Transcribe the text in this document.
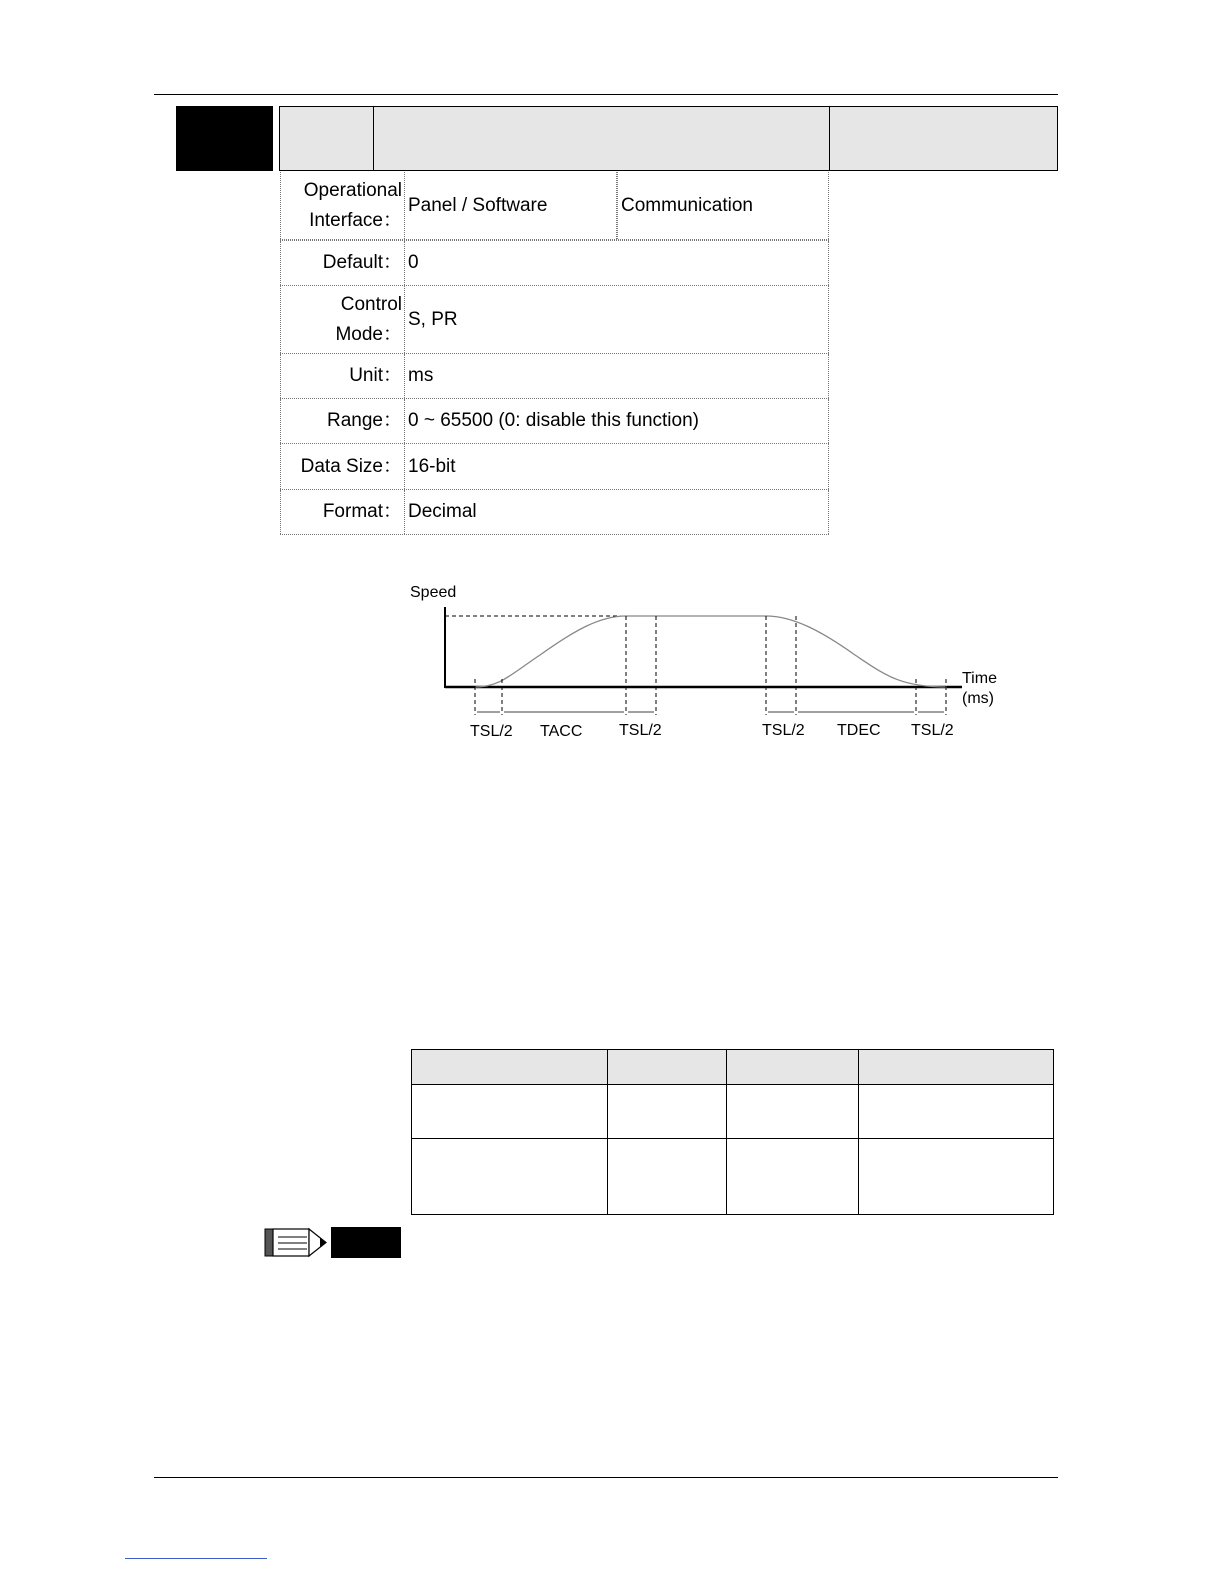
Operational
Interface：
Panel / Software	Communication
Default： 0
Control
Mode：
S, PR
Unit： ms
Range： 0 ~ 65500 (0: disable this function)
Data Size： 16-bit
Format： Decimal
Speed
Time
(ms)
TSL/2 TACC TSL/2	TSL/2 TDEC TSL/2
